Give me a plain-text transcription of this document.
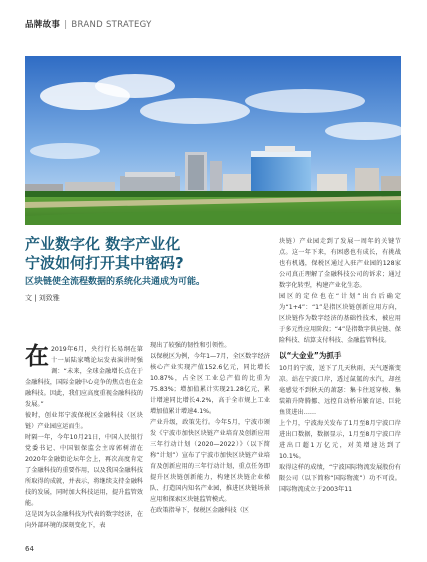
品牌故事 | BRAND STRATEGY
产业数字化 数字产业化
宁波如何打开其中密码?
区块链使全流程数据的系统化共通成为可能。
文 | 刘致雅
在 2019年6月，央行行长易纲在第十一届陆家嘴论坛发表演讲时强调：“未来，全球金融增长点在于金融科技，国际金融中心竞争的焦点也在金融科技。因此，我们应高度重视金融科技的发展。”

彼时，创业邦宁波保税区金融科技（区块链）产业园应运而生。

时隔一年，今年10月21日，中国人民银行党委书记、中国银保监会主席郭树清在2020年金融街论坛年会上，再次高度肯定了金融科技的重要作用，以及我国金融科技所取得的成就，并表示，将继续支持金融科技的发展，同时加大科技运用，提升监管效能。

这是因为以金融科技为代表的数字经济，在向外部环境的深刻变化下，表

现出了较强的韧性和引领性。

以保税区为例，今年1—7月，全区数字经济核心产业实现产值152.6亿元，同比增长10.87%，占全区工业总产值的比重为75.83%；增加值累计实现21.28亿元，累计增速同比增长4.2%，高于全市规上工业增加值累计增速4.1%。

产业升级，政策先行。今年5月，宁波市颁发《宁波市加快区块链产业培育及创新应用三年行动计划（2020—2022）》（以下简称“计划”）宣布了宁波市加快区块链产业培育及创新应用的三年行动计划，重点任务即提升区块链创新能力，构建区块链企业梯队、打造国内知名产业园，推进区块链场景应用和探索区块链监管模式。

在政策指导下，保税区金融科技（区

块链）产业园走到了发展一周年的关键节点。这一年下来，有困惑也有成长，有挑战也有机遇，保税区通过入驻产业园的128家公司真正理解了金融科技公司的诉求；通过数字化转型，构建产业化生态。

园区的定位也在“计划”出台后确定为“1+4”：“1”是指区块链创新应用方向，区块链作为数字经济的基础性技术，被应用于多元性应用阶段；“4”是指数字供应链、保险科技、结算支付科技、金融监管科技。

以“大金业”为抓手

10月的宁波，送下了几天秋雨，天气逐渐变凉。站在宁波口岸，透过氤氲的水汽，却丝毫感觉不到秋天的萧瑟：集卡往返穿梭、集装箱升降腾挪、远控自动桥吊繁育运、巨轮鱼贯进出……

上个月，宁波海关发布了1月至8月宁波口岸进出口数据，数据显示，1月至8月宁波口岸进出口超1万亿元，对美增速达到了10.1%。

取得这样的成绩，“宁波国际物流发展股份有限公司（以下简称“国际物流”）功不可没。国际物流成立于2003年11

64
